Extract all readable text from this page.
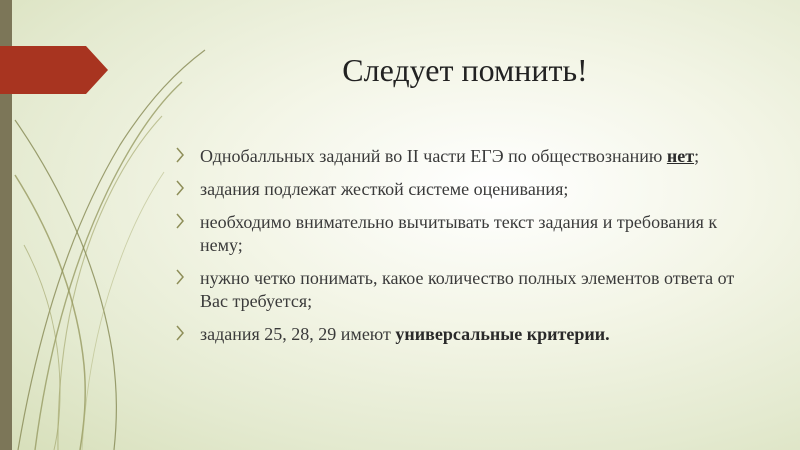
Следует помнить!
Однобалльных заданий во II части ЕГЭ по обществознанию нет;
задания подлежат жесткой системе оценивания;
необходимо внимательно вычитывать текст задания и требования к нему;
нужно четко понимать, какое количество полных элементов ответа от Вас требуется;
задания 25, 28, 29 имеют универсальные критерии.
